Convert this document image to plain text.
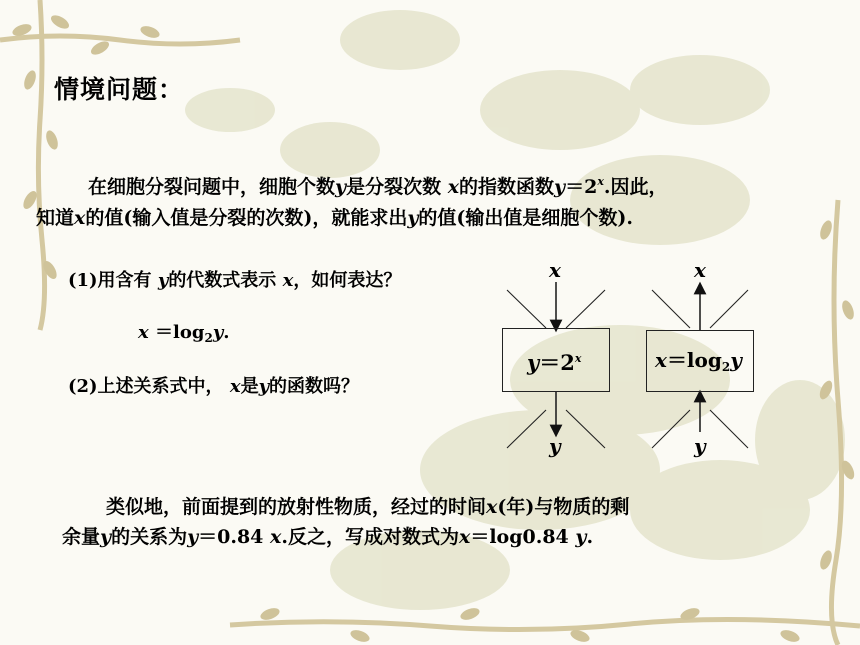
情境问题：
在细胞分裂问题中，细胞个数y是分裂次数 x的指数函数$y=2^x$.因此，
知道x的值(输入值是分裂的次数)，就能求出y的值(输出值是细胞个数).
(1)用含有 y的代数式表示 x，如何表达？
$x =\log_2y$.
(2)上述关系式中， x是y的函数吗？
$y=2^x$
x
y
$x=\log_2y$
x
y
类似地，前面提到的放射性物质，经过的时间x(年)与物质的剩
余量y的关系为y＝0.84 x.反之，写成对数式为x＝log0.84 y.
